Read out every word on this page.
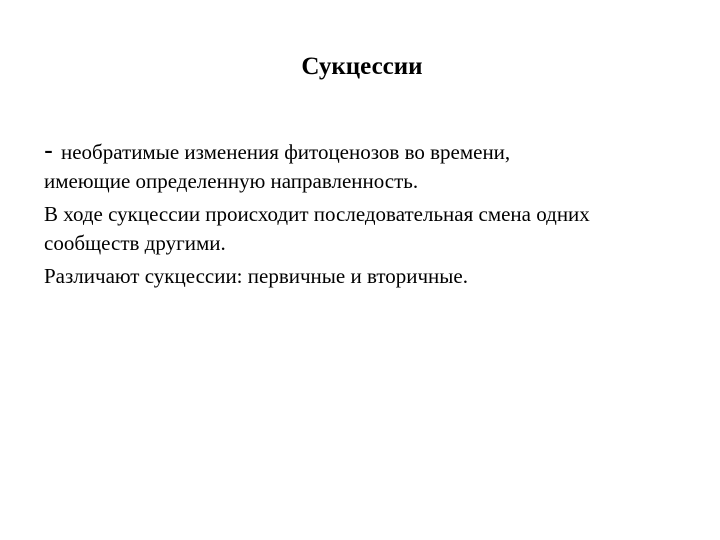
Сукцессии
- необратимые изменения фитоценозов во времени,
имеющие определенную направленность.
В ходе сукцессии происходит последовательная смена одних
сообществ другими.
Различают сукцессии: первичные и вторичные.
